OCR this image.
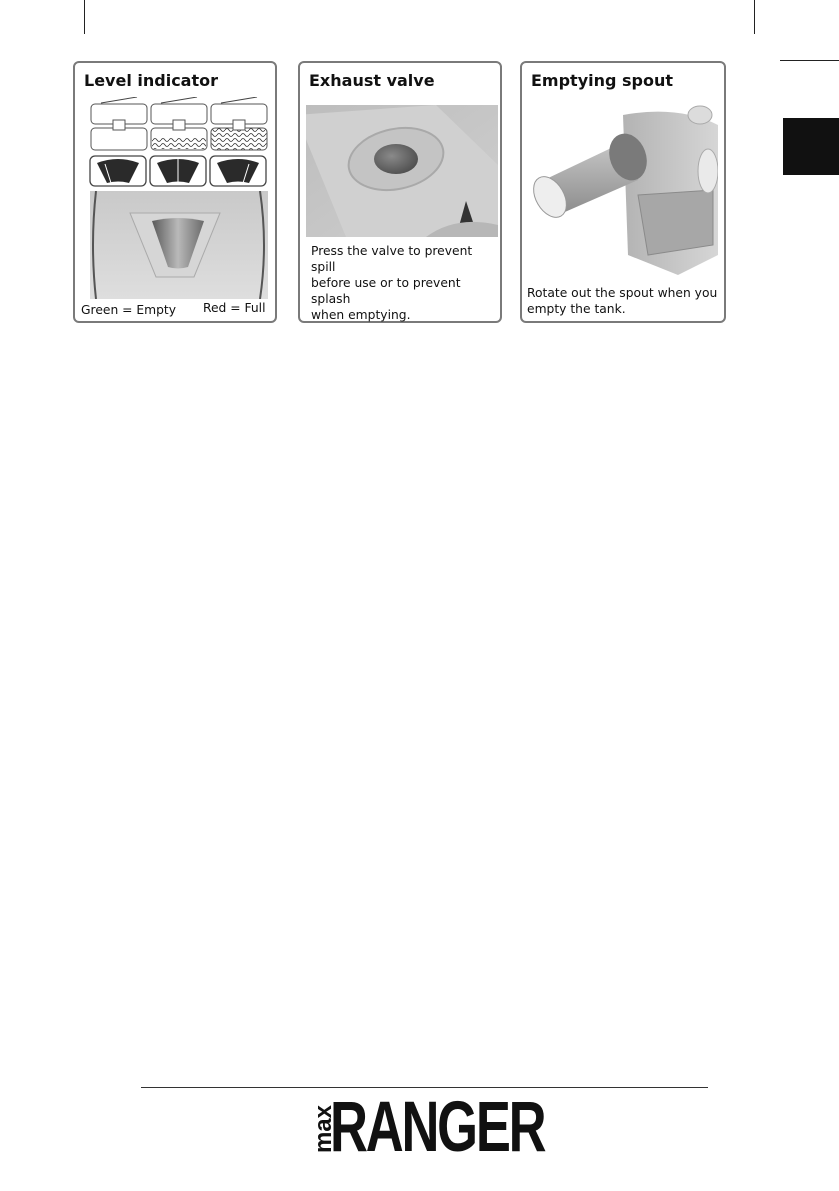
Level indicator
Green = Empty Red = Full
Exhaust valve
Press the valve to prevent spill
before use or to prevent splash
when emptying.
Emptying spout
Rotate out the spout when you
empty the tank.
max
RANGER
